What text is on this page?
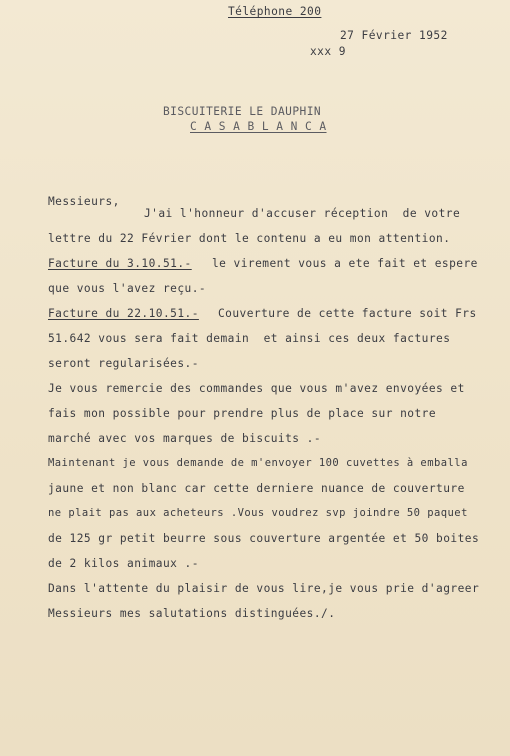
Téléphone 200
27 Février 1952
xxx 9
BISCUITERIE LE DAUPHIN
C A S A B L A N C A
Messieurs,
J'ai l'honneur d'accuser réception  de votre
lettre du 22 Février dont le contenu a eu mon attention.
Facture du 3.10.51.- le virement vous a ete fait et espere
que vous l'avez reçu.-
Facture du 22.10.51.- Couverture de cette facture soit Frs
51.642 vous sera fait demain  et ainsi ces deux factures
seront regularisées.-
Je vous remercie des commandes que vous m'avez envoyées et
fais mon possible pour prendre plus de place sur notre
marché avec vos marques de biscuits .-
Maintenant je vous demande de m'envoyer 100 cuvettes à emballa
jaune et non blanc car cette derniere nuance de couverture
ne plait pas aux acheteurs .Vous voudrez svp joindre 50 paquet
de 125 gr petit beurre sous couverture argentée et 50 boites
de 2 kilos animaux .-
Dans l'attente du plaisir de vous lire,je vous prie d'agreer
Messieurs mes salutations distinguées./.
